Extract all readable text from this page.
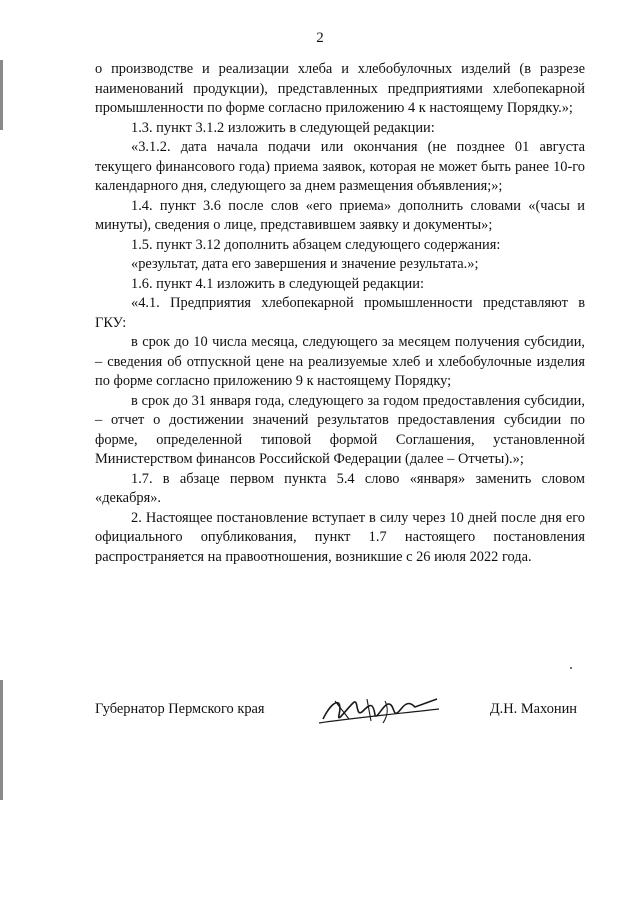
2

о производстве и реализации хлеба и хлебобулочных изделий (в разрезе наименований продукции), представленных предприятиями хлебопекарной промышленности по форме согласно приложению 4 к настоящему Порядку.»;

1.3. пункт 3.1.2 изложить в следующей редакции:

«3.1.2. дата начала подачи или окончания (не позднее 01 августа текущего финансового года) приема заявок, которая не может быть ранее 10-го календарного дня, следующего за днем размещения объявления;»;

1.4. пункт 3.6 после слов «его приема» дополнить словами «(часы и минуты), сведения о лице, представившем заявку и документы»;

1.5. пункт 3.12 дополнить абзацем следующего содержания:

«результат, дата его завершения и значение результата.»;

1.6. пункт 4.1 изложить в следующей редакции:

«4.1. Предприятия хлебопекарной промышленности представляют в ГКУ:

в срок до 10 числа месяца, следующего за месяцем получения субсидии, – сведения об отпускной цене на реализуемые хлеб и хлебобулочные изделия по форме согласно приложению 9 к настоящему Порядку;

в срок до 31 января года, следующего за годом предоставления субсидии, – отчет о достижении значений результатов предоставления субсидии по форме, определенной типовой формой Соглашения, установленной Министерством финансов Российской Федерации (далее – Отчеты).»;

1.7. в абзаце первом пункта 5.4 слово «января» заменить словом «декабря».

2. Настоящее постановление вступает в силу через 10 дней после дня его официального опубликования, пункт 1.7 настоящего постановления распространяется на правоотношения, возникшие с 26 июля 2022 года.

Губернатор Пермского края	Д.Н. Махонин
